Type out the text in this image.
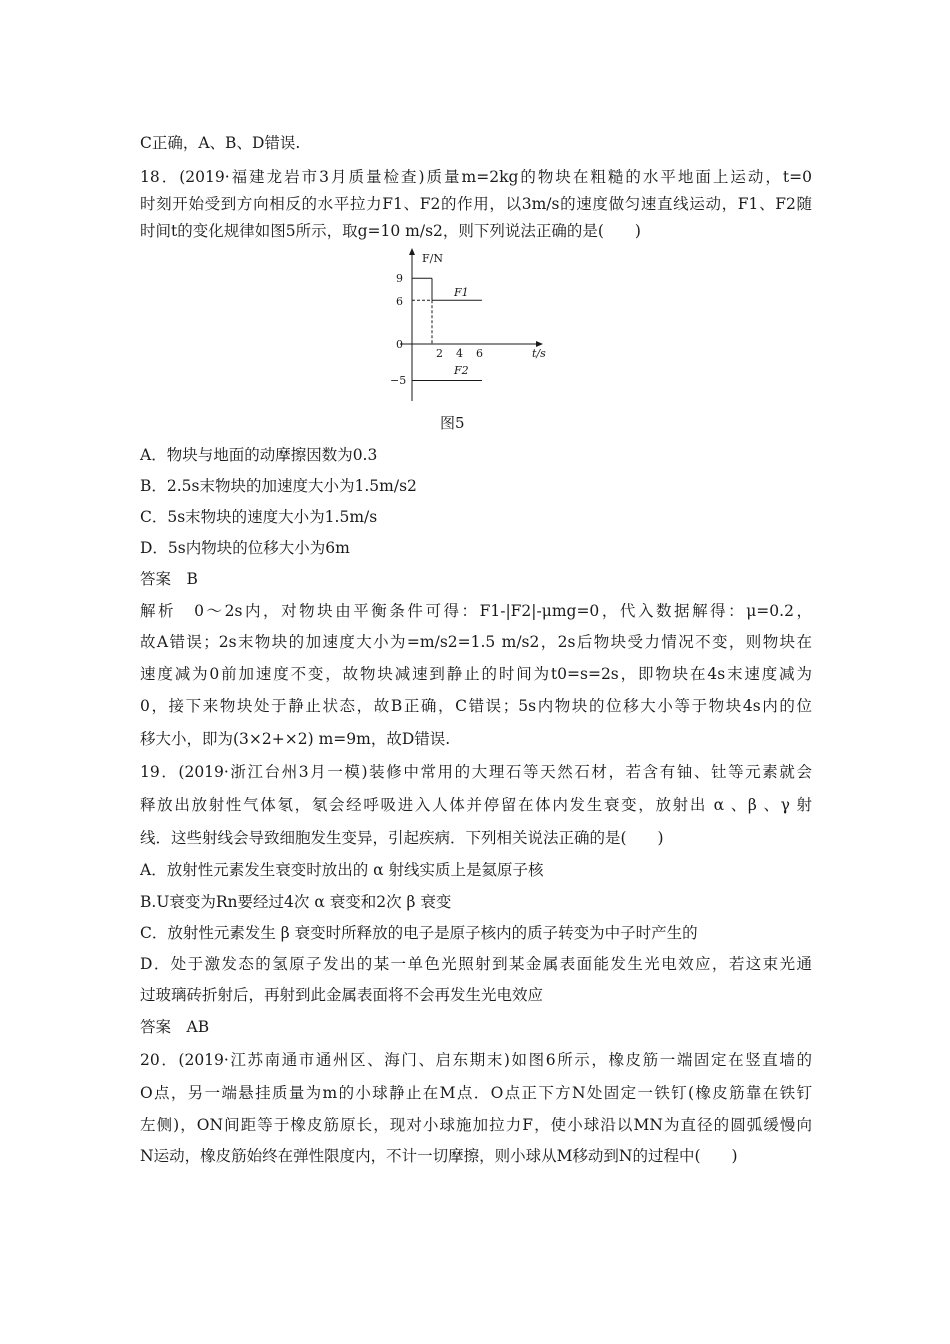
C正确，A、B、D错误.
18．(2019·福建龙岩市3月质量检查)质量m=2kg的物块在粗糙的水平地面上运动，t=0
时刻开始受到方向相反的水平拉力F1、F2的作用，以3m/s的速度做匀速直线运动，F1、F2随
时间t的变化规律如图5所示，取g=10 m/s2，则下列说法正确的是(　　)
F/N
t/s
9
6
0
−5
2 4 6
F1
F2
图5
A．物块与地面的动摩擦因数为0.3
B．2.5s末物块的加速度大小为1.5m/s2
C．5s末物块的速度大小为1.5m/s
D．5s内物块的位移大小为6m
答案　B
解析　0～2s内，对物块由平衡条件可得：F1-|F2|-μmg=0，代入数据解得：μ=0.2，
故A错误；2s末物块的加速度大小为=m/s2=1.5 m/s2，2s后物块受力情况不变，则物块在
速度减为0前加速度不变，故物块减速到静止的时间为t0=s=2s，即物块在4s末速度减为
0，接下来物块处于静止状态，故B正确，C错误；5s内物块的位移大小等于物块4s内的位
移大小，即为(3×2+×2) m=9m，故D错误.
19．(2019·浙江台州3月一模)装修中常用的大理石等天然石材，若含有铀、钍等元素就会
释放出放射性气体氡，氡会经呼吸进入人体并停留在体内发生衰变，放射出 α 、β 、γ 射
线．这些射线会导致细胞发生变异，引起疾病．下列相关说法正确的是(　　)
A．放射性元素发生衰变时放出的 α 射线实质上是氦原子核
B.U衰变为Rn要经过4次 α 衰变和2次 β 衰变
C．放射性元素发生 β 衰变时所释放的电子是原子核内的质子转变为中子时产生的
D．处于激发态的氢原子发出的某一单色光照射到某金属表面能发生光电效应，若这束光通
过玻璃砖折射后，再射到此金属表面将不会再发生光电效应
答案　AB
20．(2019·江苏南通市通州区、海门、启东期末)如图6所示，橡皮筋一端固定在竖直墙的
O点，另一端悬挂质量为m的小球静止在M点．O点正下方N处固定一铁钉(橡皮筋靠在铁钉
左侧)，ON间距等于橡皮筋原长，现对小球施加拉力F，使小球沿以MN为直径的圆弧缓慢向
N运动，橡皮筋始终在弹性限度内，不计一切摩擦，则小球从M移动到N的过程中(　　)
